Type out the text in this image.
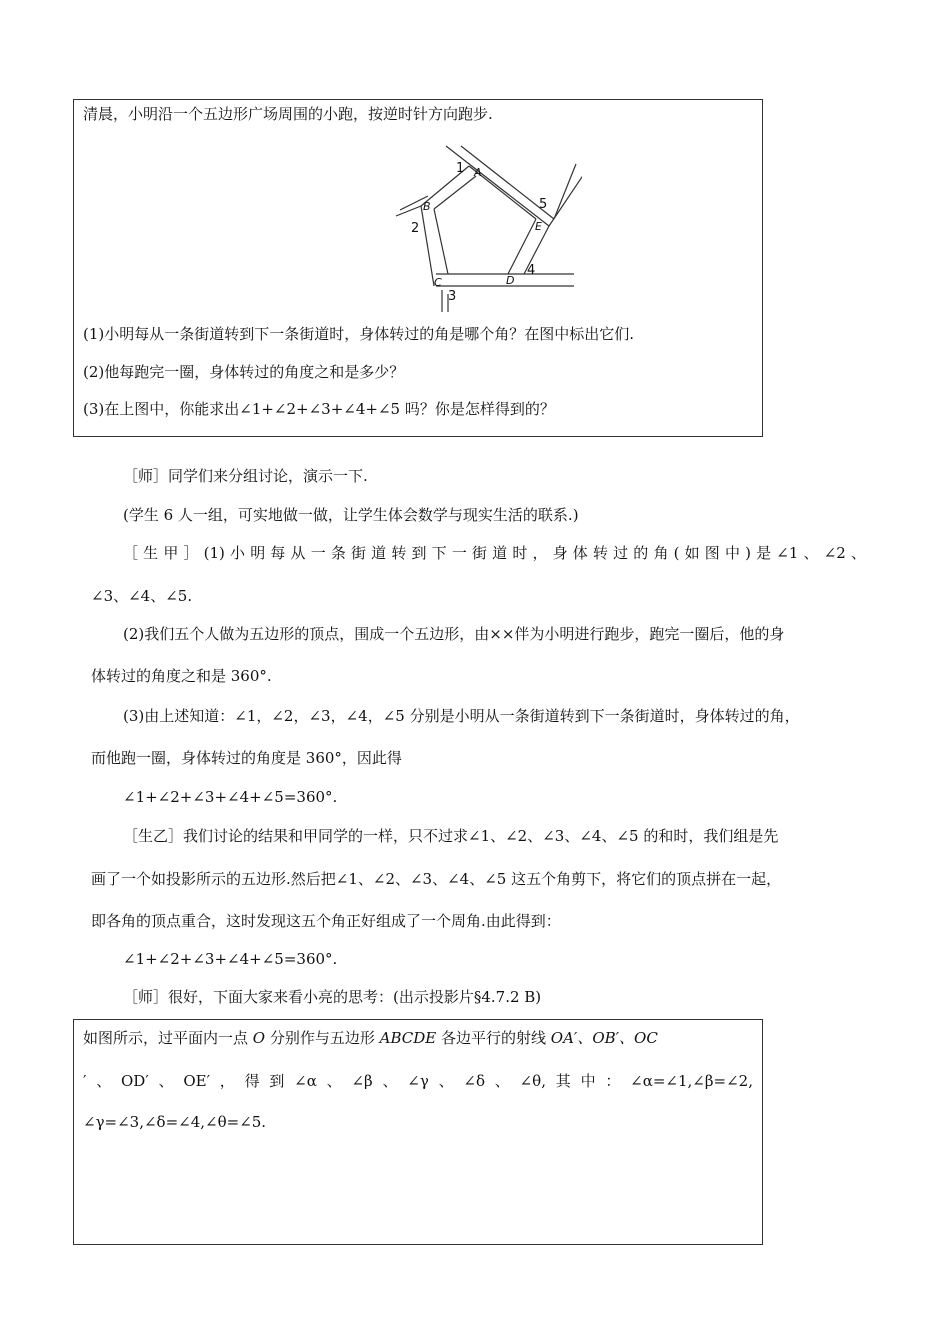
清晨，小明沿一个五边形广场周围的小跑，按逆时针方向跑步.
A
B
C	D
E
1
2
3
4
5
(1)小明每从一条街道转到下一条街道时，身体转过的角是哪个角？在图中标出它们.
(2)他每跑完一圈，身体转过的角度之和是多少？
(3)在上图中，你能求出∠1+∠2+∠3+∠4+∠5 吗？你是怎样得到的？
［师］同学们来分组讨论，演示一下.
(学生 6 人一组，可实地做一做，让学生体会数学与现实生活的联系.)
［生甲］(1)小明每从一条街道转到下一街道时，身体转过的角(如图中)是∠1、∠2、
∠3、∠4、∠5.
(2)我们五个人做为五边形的顶点，围成一个五边形，由××伴为小明进行跑步，跑完一圈后，他的身
体转过的角度之和是 360°.
(3)由上述知道：∠1，∠2，∠3，∠4，∠5 分别是小明从一条街道转到下一条街道时，身体转过的角，
而他跑一圈，身体转过的角度是 360°，因此得
∠1+∠2+∠3+∠4+∠5=360°.
［生乙］我们讨论的结果和甲同学的一样，只不过求∠1、∠2、∠3、∠4、∠5 的和时，我们组是先
画了一个如投影所示的五边形.然后把∠1、∠2、∠3、∠4、∠5 这五个角剪下，将它们的顶点拼在一起，
即各角的顶点重合，这时发现这五个角正好组成了一个周角.由此得到：
∠1+∠2+∠3+∠4+∠5=360°.
［师］很好，下面大家来看小亮的思考：(出示投影片§4.7.2 B)
如图所示，过平面内一点 O 分别作与五边形 ABCDE 各边平行的射线 OA′、OB′、OC
′、OD′、OE′，得到∠α、∠β、∠γ、∠δ、∠θ,其中：∠α=∠1,∠β=∠2,
∠γ=∠3,∠δ=∠4,∠θ=∠5.
